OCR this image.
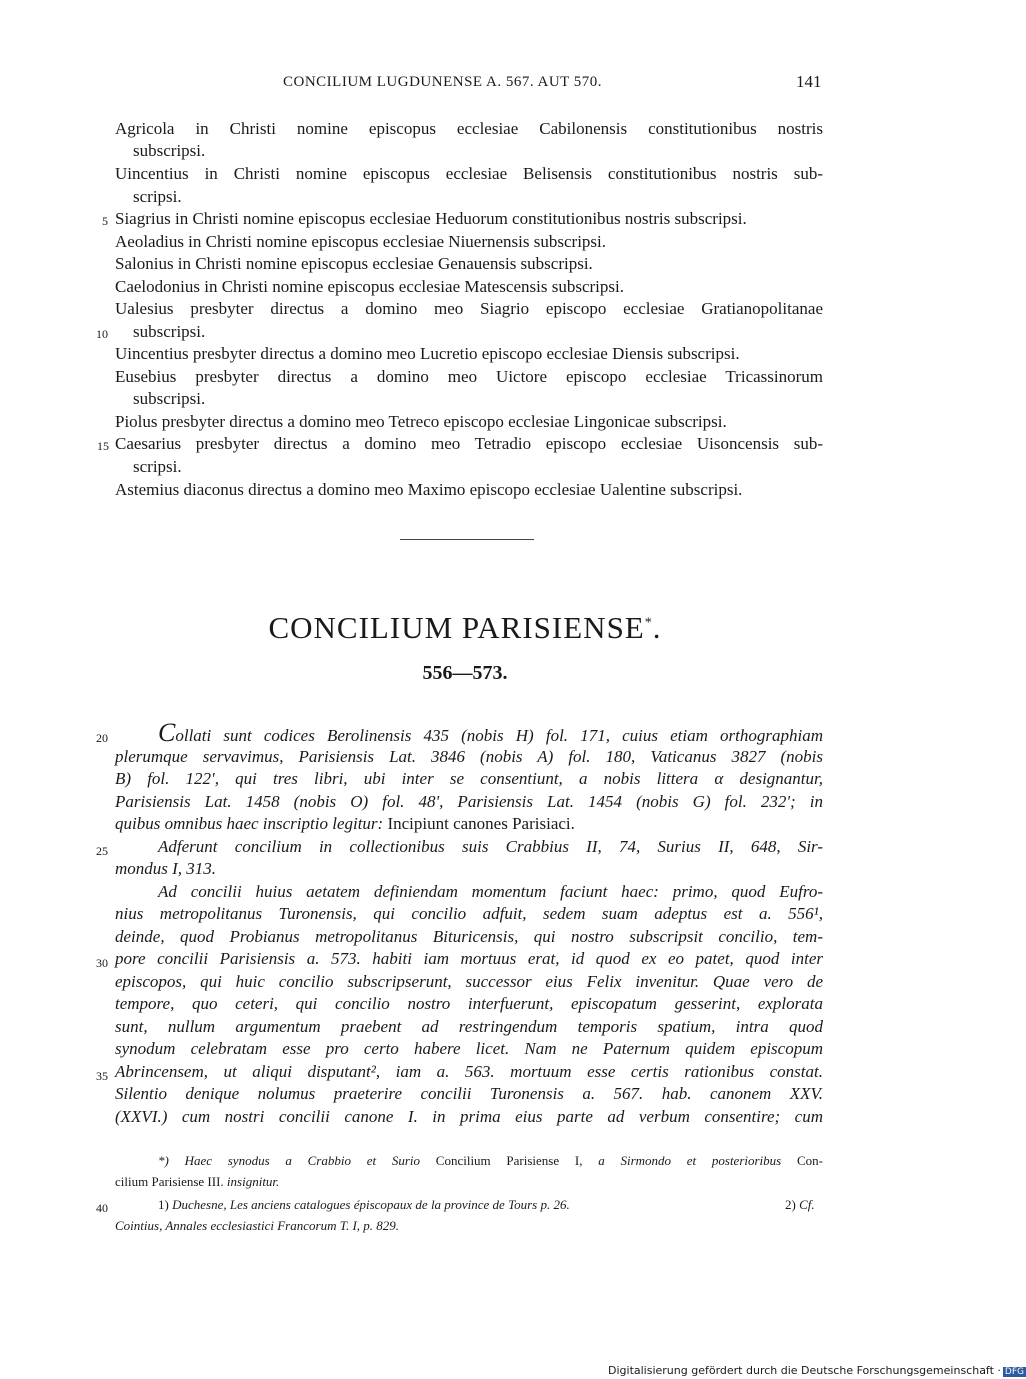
CONCILIUM LUGDUNENSE A. 567. AUT 570.	141
Agricola in Christi nomine episcopus ecclesiae Cabilonensis constitutionibus nostris
subscripsi.
Uincentius in Christi nomine episcopus ecclesiae Belisensis constitutionibus nostris sub-
scripsi.
Siagrius in Christi nomine episcopus ecclesiae Heduorum constitutionibus nostris subscripsi.
Aeoladius in Christi nomine episcopus ecclesiae Niuernensis subscripsi.
Salonius in Christi nomine episcopus ecclesiae Genauensis subscripsi.
Caelodonius in Christi nomine episcopus ecclesiae Matescensis subscripsi.
Ualesius presbyter directus a domino meo Siagrio episcopo ecclesiae Gratianopolitanae
subscripsi.
Uincentius presbyter directus a domino meo Lucretio episcopo ecclesiae Diensis subscripsi.
Eusebius presbyter directus a domino meo Uictore episcopo ecclesiae Tricassinorum
subscripsi.
Piolus presbyter directus a domino meo Tetreco episcopo ecclesiae Lingonicae subscripsi.
Caesarius presbyter directus a domino meo Tetradio episcopo ecclesiae Uisoncensis sub-
scripsi.
Astemius diaconus directus a domino meo Maximo episcopo ecclesiae Ualentine subscripsi.
5
10
15
20
25
30
35
40
CONCILIUM PARISIENSE*.
556—573.
Collati sunt codices Berolinensis 435 (nobis H) fol. 171, cuius etiam orthographiam
plerumque servavimus, Parisiensis Lat. 3846 (nobis A) fol. 180, Vaticanus 3827 (nobis
B) fol. 122', qui tres libri, ubi inter se consentiunt, a nobis littera α designantur,
Parisiensis Lat. 1458 (nobis O) fol. 48', Parisiensis Lat. 1454 (nobis G) fol. 232'; in
quibus omnibus haec inscriptio legitur: Incipiunt canones Parisiaci.
Adferunt concilium in collectionibus suis Crabbius II, 74, Surius II, 648, Sir-
mondus I, 313.
Ad concilii huius aetatem definiendam momentum faciunt haec: primo, quod Eufro-
nius metropolitanus Turonensis, qui concilio adfuit, sedem suam adeptus est a. 556¹,
deinde, quod Probianus metropolitanus Bituricensis, qui nostro subscripsit concilio, tem-
pore concilii Parisiensis a. 573. habiti iam mortuus erat, id quod ex eo patet, quod inter
episcopos, qui huic concilio subscripserunt, successor eius Felix invenitur. Quae vero de
tempore, quo ceteri, qui concilio nostro interfuerunt, episcopatum gesserint, explorata
sunt, nullum argumentum praebent ad restringendum temporis spatium, intra quod
synodum celebratam esse pro certo habere licet. Nam ne Paternum quidem episcopum
Abrincensem, ut aliqui disputant², iam a. 563. mortuum esse certis rationibus constat.
Silentio denique nolumus praeterire concilii Turonensis a. 567. hab. canonem XXV.
(XXVI.) cum nostri concilii canone I. in prima eius parte ad verbum consentire; cum
*) Haec synodus a Crabbio et Surio Concilium Parisiense I, a Sirmondo et posterioribus Con-
cilium Parisiense III. insignitur.
1) Duchesne, Les anciens catalogues épiscopaux de la province de Tours p. 26.	2) Cf.
Cointius, Annales ecclesiastici Francorum T. I, p. 829.
Digitalisierung gefördert durch die Deutsche Forschungsgemeinschaft · DFG
